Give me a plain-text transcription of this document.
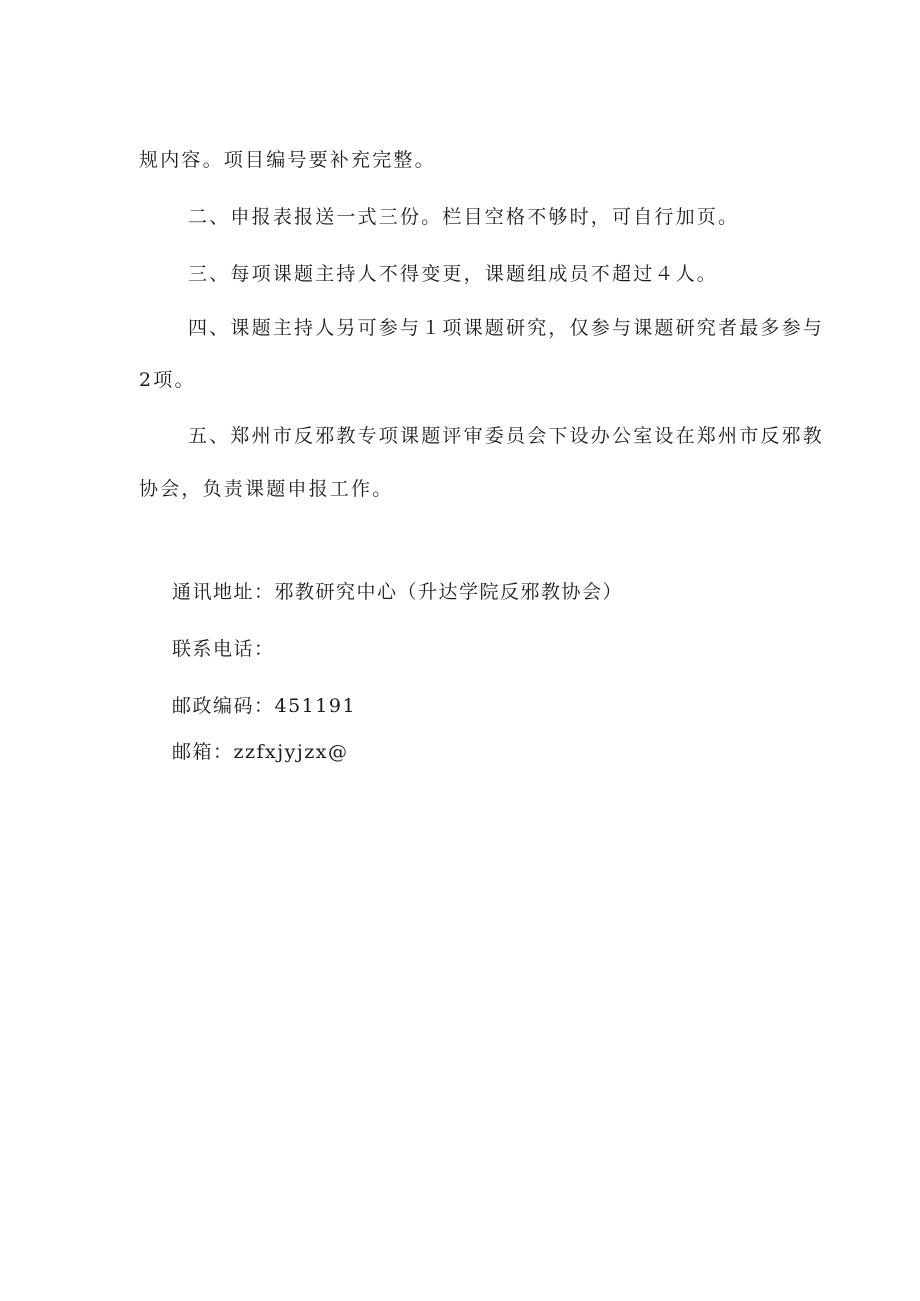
规内容。项目编号要补充完整。
二、申报表报送一式三份。栏目空格不够时，可自行加页。
三、每项课题主持人不得变更，课题组成员不超过４人。
四、课题主持人另可参与１项课题研究，仅参与课题研究者最多参与
2项。
五、郑州市反邪教专项课题评审委员会下设办公室设在郑州市反邪教
协会，负责课题申报工作。
通讯地址：邪教研究中心（升达学院反邪教协会）
联系电话：
邮政编码：451191
邮箱：zzfxjyjzx@
